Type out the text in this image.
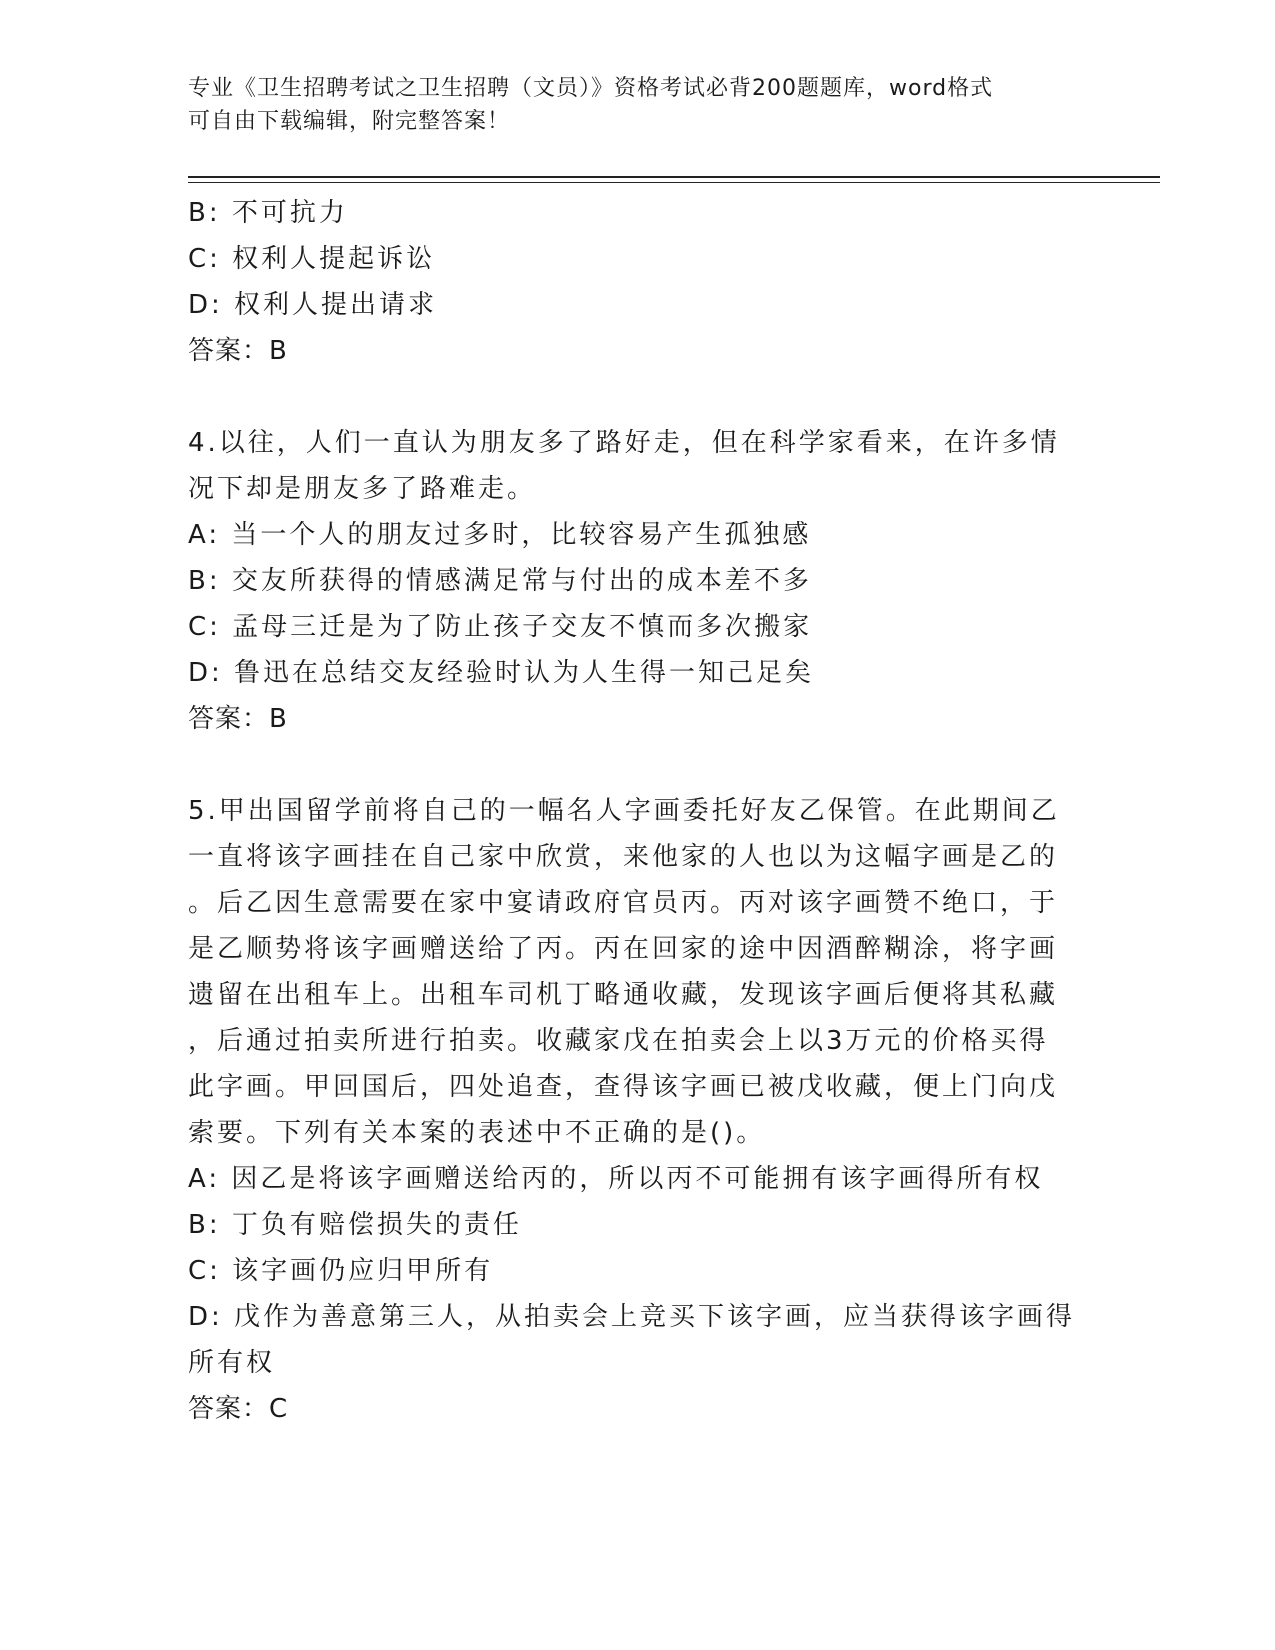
专业《卫生招聘考试之卫生招聘（文员）》资格考试必背200题题库，word格式
可自由下载编辑，附完整答案！
B: 不可抗力
C: 权利人提起诉讼
D: 权利人提出请求
答案：B
4.以往，人们一直认为朋友多了路好走，但在科学家看来，在许多情
况下却是朋友多了路难走。
A: 当一个人的朋友过多时，比较容易产生孤独感
B: 交友所获得的情感满足常与付出的成本差不多
C: 孟母三迁是为了防止孩子交友不慎而多次搬家
D: 鲁迅在总结交友经验时认为人生得一知己足矣
答案：B
5.甲出国留学前将自己的一幅名人字画委托好友乙保管。在此期间乙
一直将该字画挂在自己家中欣赏，来他家的人也以为这幅字画是乙的
。后乙因生意需要在家中宴请政府官员丙。丙对该字画赞不绝口，于
是乙顺势将该字画赠送给了丙。丙在回家的途中因酒醉糊涂，将字画
遗留在出租车上。出租车司机丁略通收藏，发现该字画后便将其私藏
，后通过拍卖所进行拍卖。收藏家戊在拍卖会上以3万元的价格买得
此字画。甲回国后，四处追查，查得该字画已被戊收藏，便上门向戊
索要。下列有关本案的表述中不正确的是()。
A: 因乙是将该字画赠送给丙的，所以丙不可能拥有该字画得所有权
B: 丁负有赔偿损失的责任
C: 该字画仍应归甲所有
D: 戊作为善意第三人，从拍卖会上竞买下该字画，应当获得该字画得
所有权
答案：C
